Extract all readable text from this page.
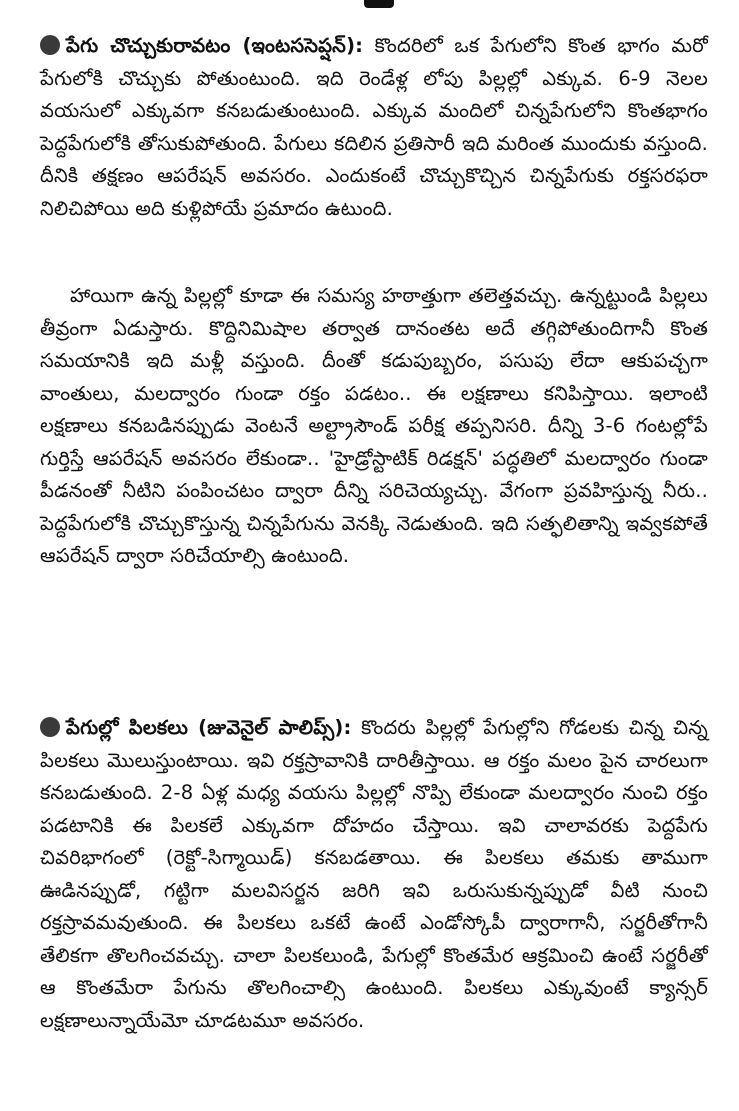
పేగు చొచ్చుకురావటం (ఇంటససెప్షన్): కొందరిలో ఒక పేగులోని కొంత భాగం మరో పేగులోకి చొచ్చుకు పోతుంటుంది. ఇది రెండేళ్ల లోపు పిల్లల్లో ఎక్కువ. 6-9 నెలల వయసులో ఎక్కువగా కనబడుతుంటుంది. ఎక్కువ మందిలో చిన్నపేగులోని కొంతభాగం పెద్దపేగులోకి తోసుకుపోతుంది. పేగులు కదిలిన ప్రతిసారీ ఇది మరింత ముందుకు వస్తుంది. దీనికి తక్షణం ఆపరేషన్ అవసరం. ఎందుకంటే చొచ్చుకొచ్చిన చిన్నపేగుకు రక్తసరఫరా నిలిచిపోయి అది కుళ్లిపోయే ప్రమాదం ఉటుంది.

హాయిగా ఉన్న పిల్లల్లో కూడా ఈ సమస్య హఠాత్తుగా తలెత్తవచ్చు. ఉన్నట్టుండి పిల్లలు తీవ్రంగా ఏడుస్తారు. కొద్దినిమిషాల తర్వాత దానంతట అదే తగ్గిపోతుందిగానీ కొంత సమయానికి ఇది మళ్లీ వస్తుంది. దీంతో కడుపుబ్బరం, పసుపు లేదా ఆకుపచ్చగా వాంతులు, మలద్వారం గుండా రక్తం పడటం.. ఈ లక్షణాలు కనిపిస్తాయి. ఇలాంటి లక్షణాలు కనబడినప్పుడు వెంటనే అల్ట్రాసౌండ్ పరీక్ష తప్పనిసరి. దీన్ని 3-6 గంటల్లోపే గుర్తిస్తే ఆపరేషన్ అవసరం లేకుండా.. 'హైడ్రోస్టాటిక్ రిడక్షన్' పద్ధతిలో మలద్వారం గుండా పీడనంతో నీటిని పంపించటం ద్వారా దీన్ని సరిచెయ్యచ్చు. వేగంగా ప్రవహిస్తున్న నీరు.. పెద్దపేగులోకి చొచ్చుకొస్తున్న చిన్నపేగును వెనక్కి నెడుతుంది. ఇది సత్ఫలితాన్ని ఇవ్వకపోతే ఆపరేషన్ ద్వారా సరిచేయాల్సి ఉంటుంది.

పేగుల్లో పిలకలు (జువెనైల్ పాలిప్స్): కొందరు పిల్లల్లో పేగుల్లోని గోడలకు చిన్న చిన్న పిలకలు మొలుస్తుంటాయి. ఇవి రక్తస్రావానికి దారితీస్తాయి. ఆ రక్తం మలం పైన చారలుగా కనబడుతుంది. 2-8 ఏళ్ల మధ్య వయసు పిల్లల్లో నొప్పి లేకుండా మలద్వారం నుంచి రక్తం పడటానికి ఈ పిలకలే ఎక్కువగా దోహదం చేస్తాయి. ఇవి చాలావరకు పెద్దపేగు చివరిభాగంలో (రెక్టో-సిగ్మాయిడ్) కనబడతాయి. ఈ పిలకలు తమకు తాముగా ఊడినప్పుడో, గట్టిగా మలవిసర్జన జరిగి ఇవి ఒరుసుకున్నప్పుడో వీటి నుంచి రక్తస్రావమవుతుంది. ఈ పిలకలు ఒకటే ఉంటే ఎండోస్కోపీ ద్వారాగానీ, సర్జరీతోగానీ తేలికగా తొలగించవచ్చు. చాలా పిలకలుండి, పేగుల్లో కొంతమేర ఆక్రమించి ఉంటే సర్జరీతో ఆ కొంతమేరా పేగును తొలగించాల్సి ఉంటుంది. పిలకలు ఎక్కువుంటే క్యాన్సర్ లక్షణాలున్నాయేమో చూడటమూ అవసరం.
